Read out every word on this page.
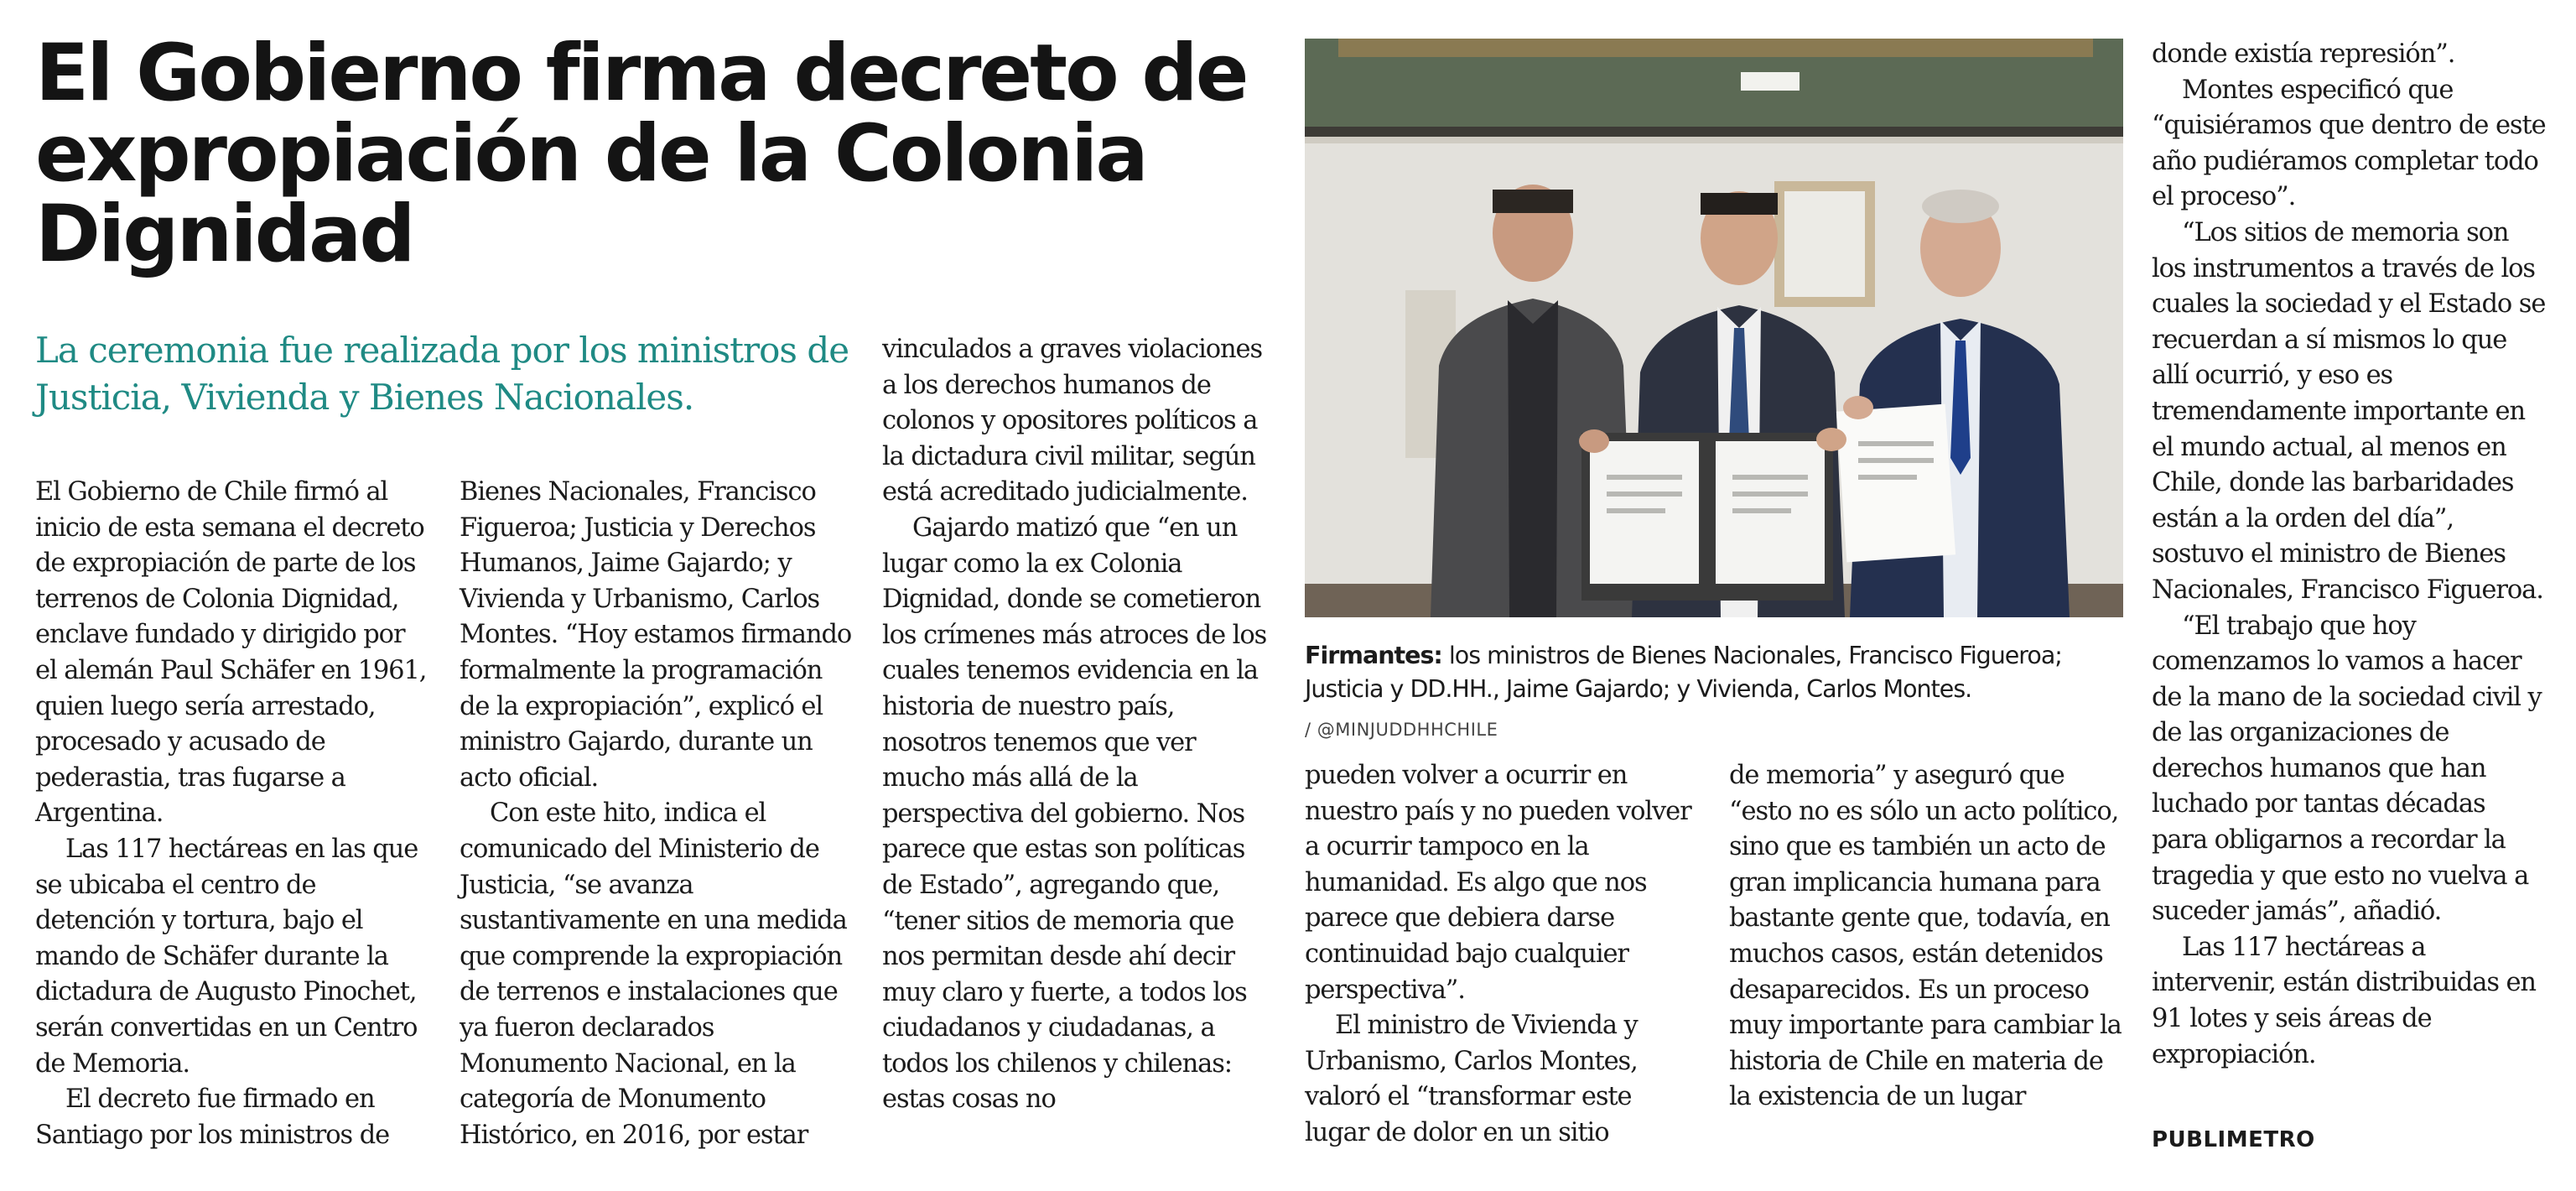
El Gobierno firma decreto de expropiación de la Colonia Dignidad

La ceremonia fue realizada por los ministros de Justicia, Vivienda y Bienes Nacionales.

El Gobierno de Chile firmó al inicio de esta semana el decreto de expropiación de parte de los terrenos de Colonia Dignidad, enclave fundado y dirigido por el alemán Paul Schäfer en 1961, quien luego sería arrestado, procesado y acusado de pederastia, tras fugarse a Argentina.

Las 117 hectáreas en las que se ubicaba el centro de detención y tortura, bajo el mando de Schäfer durante la dictadura de Augusto Pinochet, serán convertidas en un Centro de Memoria.

El decreto fue firmado en Santiago por los ministros de

Bienes Nacionales, Francisco Figueroa; Justicia y Derechos Humanos, Jaime Gajardo; y Vivienda y Urbanismo, Carlos Montes. “Hoy estamos firmando formalmente la programación de la expropiación”, explicó el ministro Gajardo, durante un acto oficial.

Con este hito, indica el comunicado del Ministerio de Justicia, “se avanza sustantivamente en una medida que comprende la expropiación de terrenos e instalaciones que ya fueron declarados Monumento Nacional, en la categoría de Monumento Histórico, en 2016, por estar

vinculados a graves violaciones a los derechos humanos de colonos y opositores políticos a la dictadura civil militar, según está acreditado judicialmente.

Gajardo matizó que “en un lugar como la ex Colonia Dignidad, donde se cometieron los crímenes más atroces de los cuales tenemos evidencia en la historia de nuestro país, nosotros tenemos que ver mucho más allá de la perspectiva del gobierno. Nos parece que estas son políticas de Estado”, agregando que, “tener sitios de memoria que nos permitan desde ahí decir muy claro y fuerte, a todos los ciudadanos y ciudadanas, a todos los chilenos y chilenas: estas cosas no

pueden volver a ocurrir en nuestro país y no pueden volver a ocurrir tampoco en la humanidad. Es algo que nos parece que debiera darse continuidad bajo cualquier perspectiva”.

El ministro de Vivienda y Urbanismo, Carlos Montes, valoró el “transformar este lugar de dolor en un sitio

de memoria” y aseguró que “esto no es sólo un acto político, sino que es también un acto de gran implicancia humana para bastante gente que, todavía, en muchos casos, están detenidos desaparecidos. Es un proceso muy importante para cambiar la historia de Chile en materia de la existencia de un lugar

donde existía represión”.

Montes especificó que “quisiéramos que dentro de este año pudiéramos completar todo el proceso”.

“Los sitios de memoria son los instrumentos a través de los cuales la sociedad y el Estado se recuerdan a sí mismos lo que allí ocurrió, y eso es tremendamente importante en el mundo actual, al menos en Chile, donde las barbaridades están a la orden del día”, sostuvo el ministro de Bienes Nacionales, Francisco Figueroa.

“El trabajo que hoy comenzamos lo vamos a hacer de la mano de la sociedad civil y de las organizaciones de derechos humanos que han luchado por tantas décadas para obligarnos a recordar la tragedia y que esto no vuelva a suceder jamás”, añadió.

Las 117 hectáreas a intervenir, están distribuidas en 91 lotes y seis áreas de expropiación.

Firmantes: los ministros de Bienes Nacionales, Francisco Figueroa; Justicia y DD.HH., Jaime Gajardo; y Vivienda, Carlos Montes.
/ @MINJUDDHHCHILE
PUBLIMETRO
